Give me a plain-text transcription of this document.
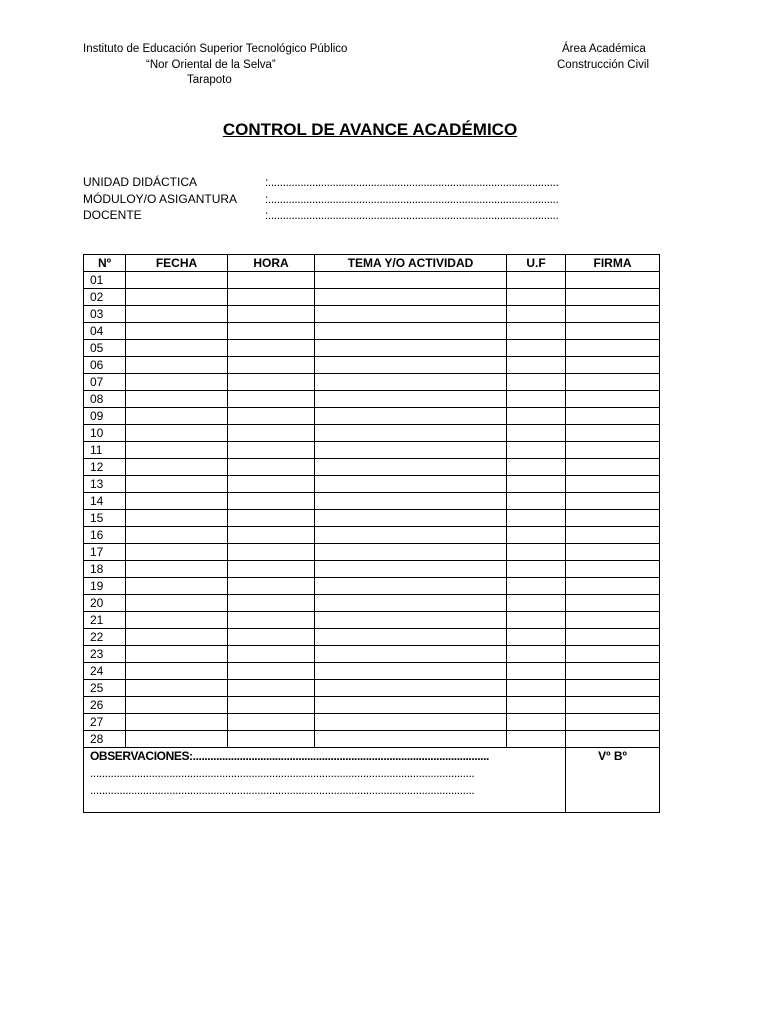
Instituto de Educación Superior Tecnológico Público
“Nor Oriental de la Selva”
Tarapoto
Área Académica
Construcción Civil
CONTROL DE AVANCE ACADÉMICO
UNIDAD DIDÁCTICA	:...................................................................................................
MÓDULOY/O ASIGANTURA :...................................................................................................
DOCENTE	:...................................................................................................
Nº	FECHA	HORA	TEMA Y/O ACTIVIDAD	U.F	FIRMA
01					
02					
03					
04					
05					
06					
07					
08					
09					
10					
11					
12					
13					
14					
15					
16					
17					
18					
19					
20					
21					
22					
23					
24					
25					
26					
27					
28					

OBSERVACIONES:.....................................................................................................
...................................................................................................................................
...................................................................................................................................					Vº Bº
